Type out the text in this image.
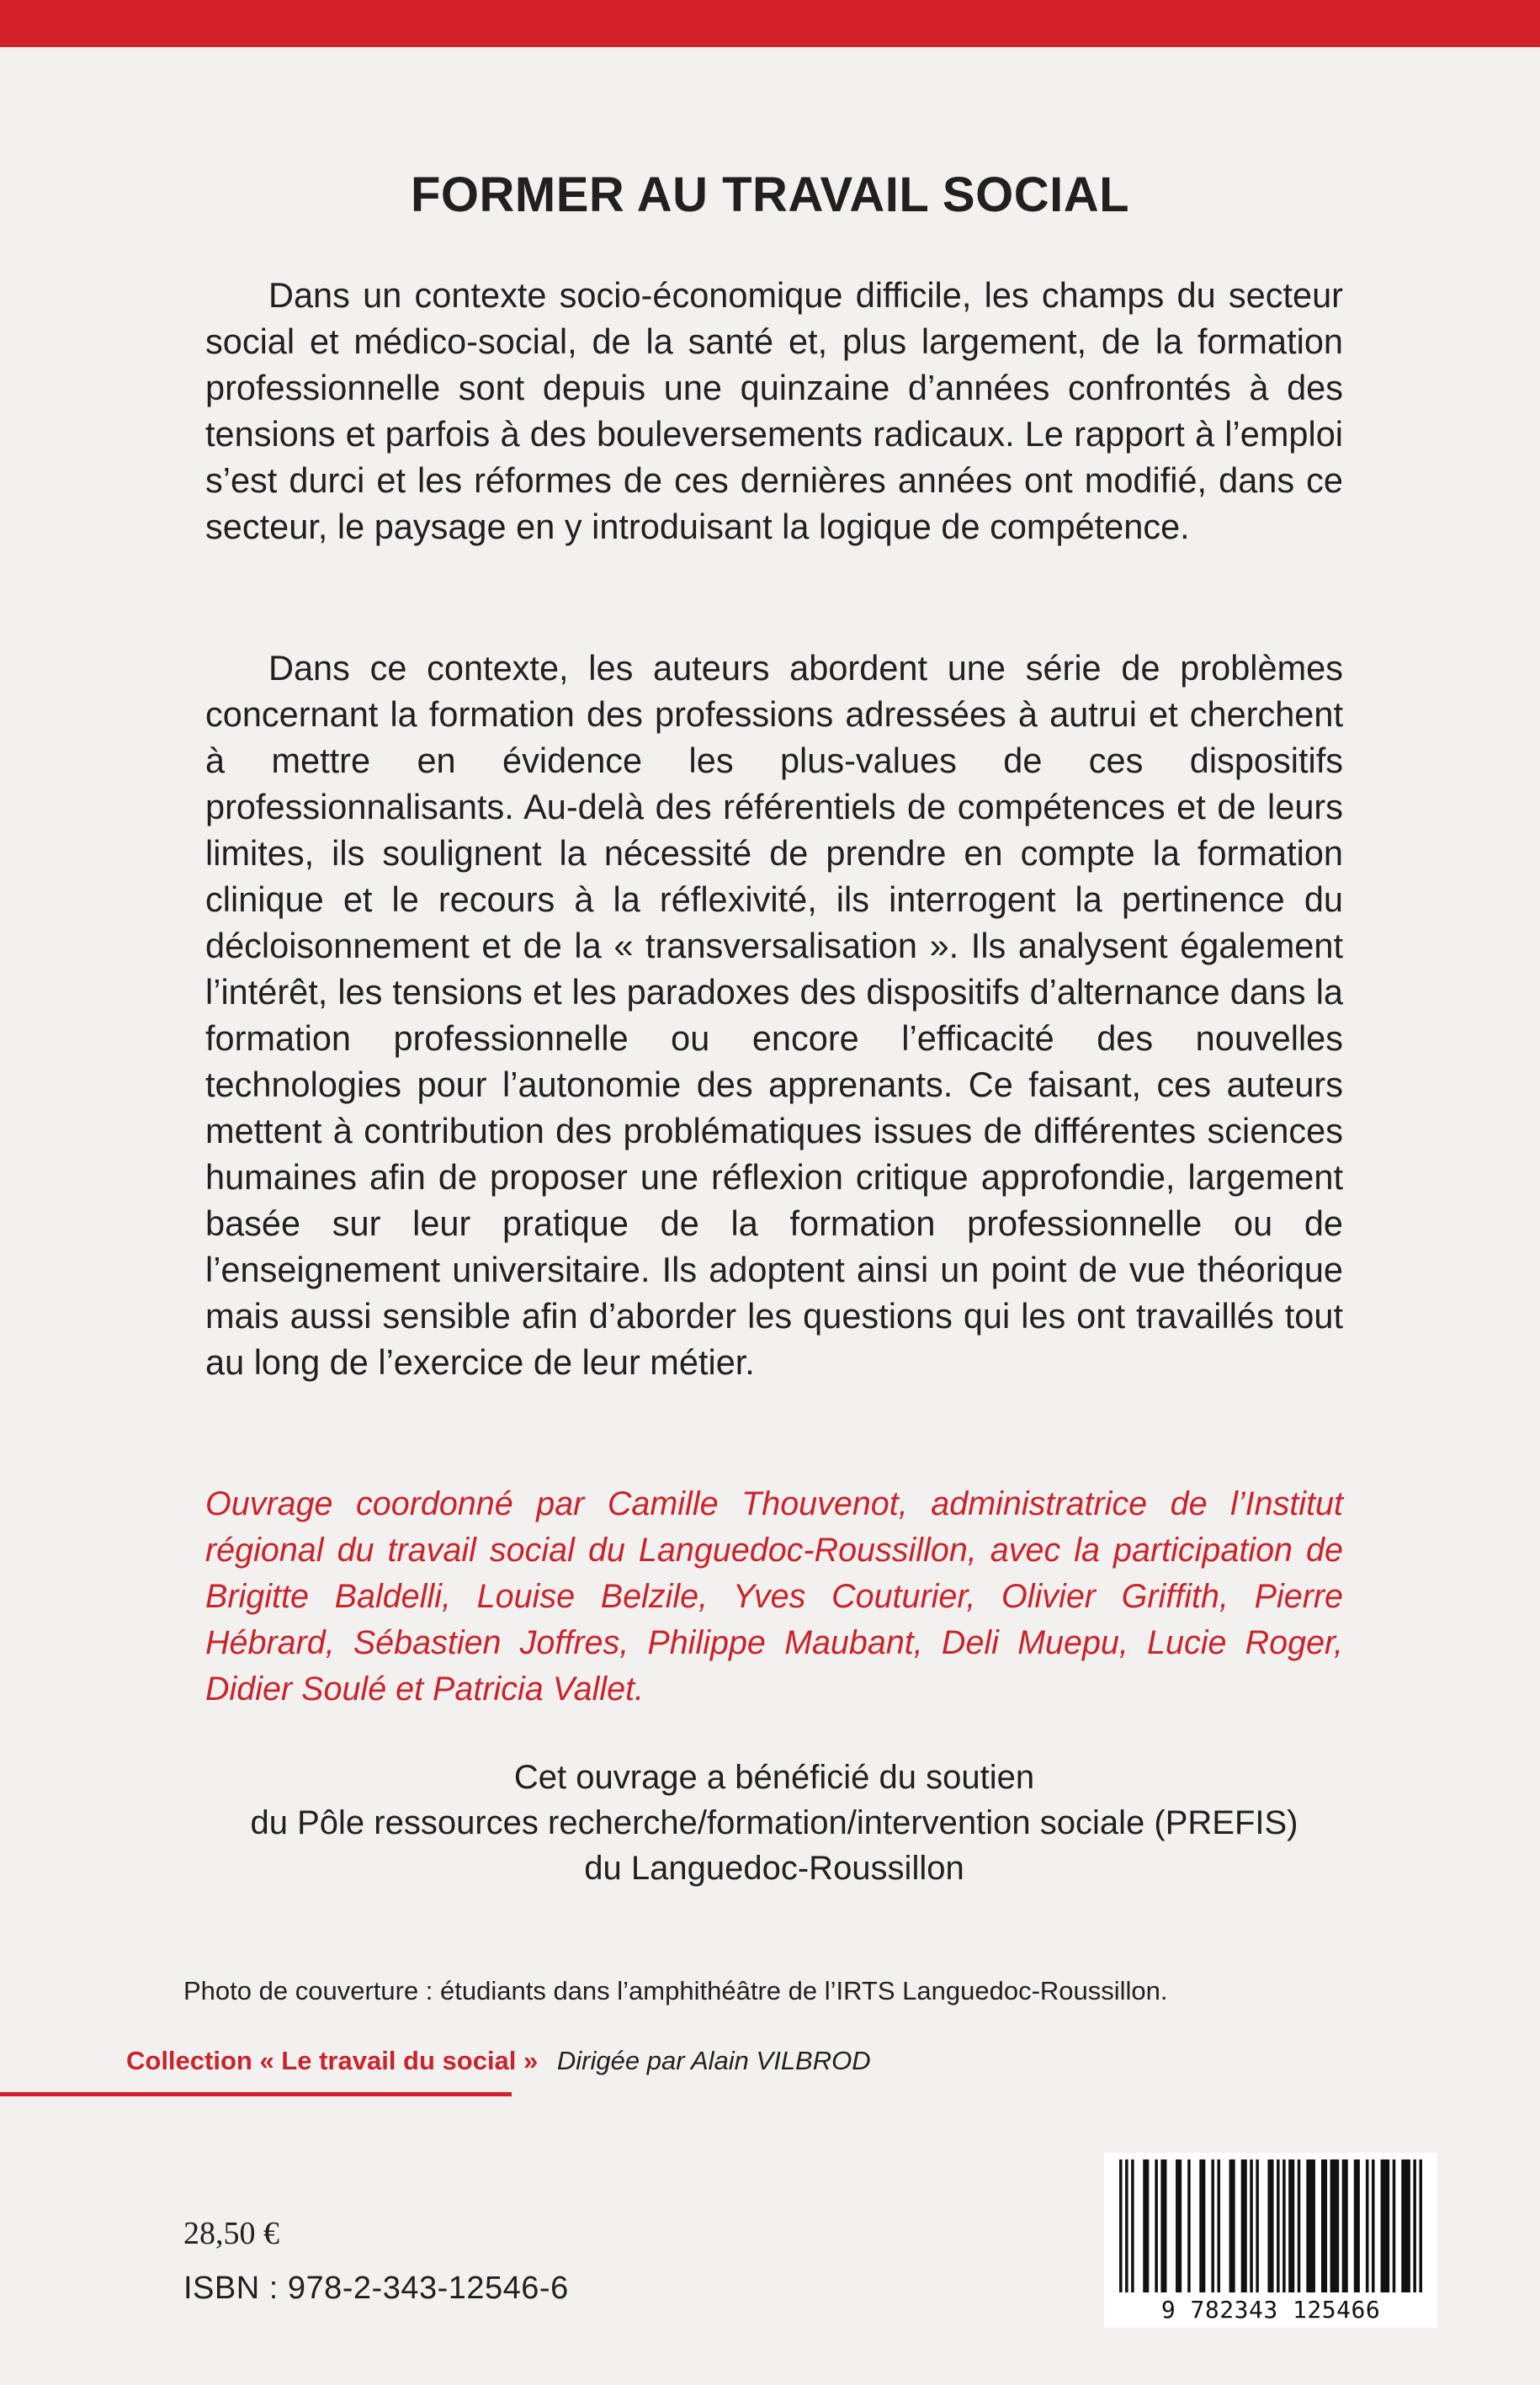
FORMER AU TRAVAIL SOCIAL

Dans un contexte socio-économique difficile, les champs du secteur social et médico-social, de la santé et, plus largement, de la formation professionnelle sont depuis une quinzaine d’années confrontés à des tensions et parfois à des bouleversements radicaux. Le rapport à l’emploi s’est durci et les réformes de ces dernières années ont modifié, dans ce secteur, le paysage en y introduisant la logique de compétence.

Dans ce contexte, les auteurs abordent une série de problèmes concernant la formation des professions adressées à autrui et cherchent à mettre en évidence les plus-values de ces dispositifs professionnalisants. Au-delà des référentiels de compétences et de leurs limites, ils soulignent la nécessité de prendre en compte la formation clinique et le recours à la réflexivité, ils interrogent la pertinence du décloisonnement et de la « transversalisation ». Ils analysent également l’intérêt, les tensions et les paradoxes des dispositifs d’alternance dans la formation professionnelle ou encore l’efficacité des nouvelles technologies pour l’autonomie des apprenants. Ce faisant, ces auteurs mettent à contribution des problématiques issues de différentes sciences humaines afin de proposer une réflexion critique approfondie, largement basée sur leur pratique de la formation professionnelle ou de l’enseignement universitaire. Ils adoptent ainsi un point de vue théorique mais aussi sensible afin d’aborder les questions qui les ont travaillés tout au long de l’exercice de leur métier.

Ouvrage coordonné par Camille Thouvenot, administratrice de l’Institut régional du travail social du Languedoc-Roussillon, avec la participation de Brigitte Baldelli, Louise Belzile, Yves Couturier, Olivier Griffith, Pierre Hébrard, Sébastien Joffres, Philippe Maubant, Deli Muepu, Lucie Roger, Didier Soulé et Patricia Vallet.

Cet ouvrage a bénéficié du soutien
du Pôle ressources recherche/formation/intervention sociale (PREFIS)
du Languedoc-Roussillon

Photo de couverture : étudiants dans l’amphithéâtre de l’IRTS Languedoc-Roussillon.

Collection « Le travail du social » Dirigée par Alain VILBROD
28,50 €
ISBN : 978-2-343-12546-6
9 782343 125466
